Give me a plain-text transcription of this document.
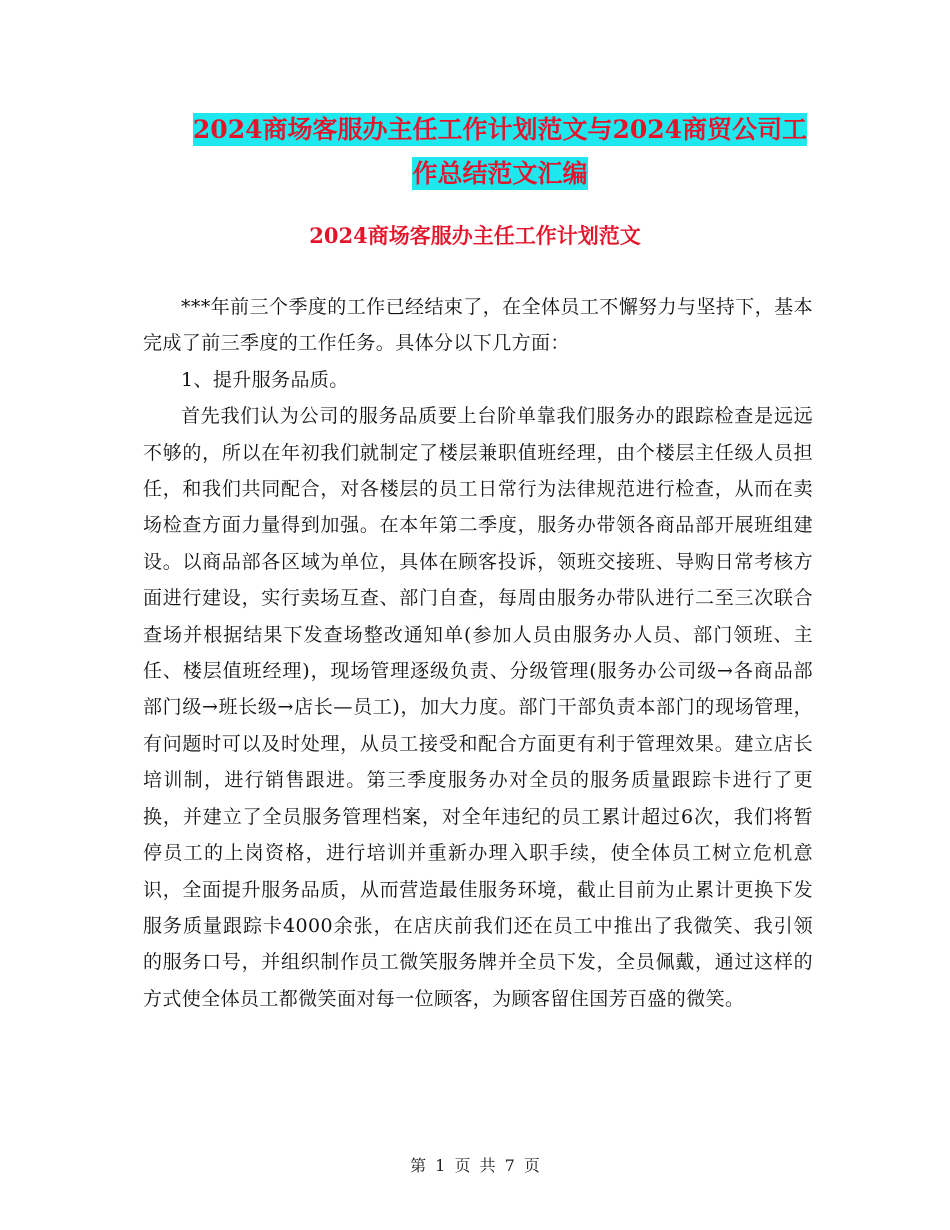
2024商场客服办主任工作计划范文与2024商贸公司工
作总结范文汇编
2024商场客服办主任工作计划范文

***年前三个季度的工作已经结束了，在全体员工不懈努力与坚持下，基本完成了前三季度的工作任务。具体分以下几方面：

1、提升服务品质。

首先我们认为公司的服务品质要上台阶单靠我们服务办的跟踪检查是远远不够的，所以在年初我们就制定了楼层兼职值班经理，由个楼层主任级人员担任，和我们共同配合，对各楼层的员工日常行为法律规范进行检查，从而在卖场检查方面力量得到加强。在本年第二季度，服务办带领各商品部开展班组建设。以商品部各区域为单位，具体在顾客投诉，领班交接班、导购日常考核方面进行建设，实行卖场互查、部门自查，每周由服务办带队进行二至三次联合查场并根据结果下发查场整改通知单(参加人员由服务办人员、部门领班、主任、楼层值班经理)，现场管理逐级负责、分级管理(服务办公司级→各商品部部门级→班长级→店长—员工)，加大力度。部门干部负责本部门的现场管理，有问题时可以及时处理，从员工接受和配合方面更有利于管理效果。建立店长培训制，进行销售跟进。第三季度服务办对全员的服务质量跟踪卡进行了更换，并建立了全员服务管理档案，对全年违纪的员工累计超过6次，我们将暂停员工的上岗资格，进行培训并重新办理入职手续，使全体员工树立危机意识，全面提升服务品质，从而营造最佳服务环境，截止目前为止累计更换下发服务质量跟踪卡4000余张，在店庆前我们还在员工中推出了我微笑、我引领的服务口号，并组织制作员工微笑服务牌并全员下发，全员佩戴，通过这样的方式使全体员工都微笑面对每一位顾客，为顾客留住国芳百盛的微笑。

第 1 页 共 7 页
